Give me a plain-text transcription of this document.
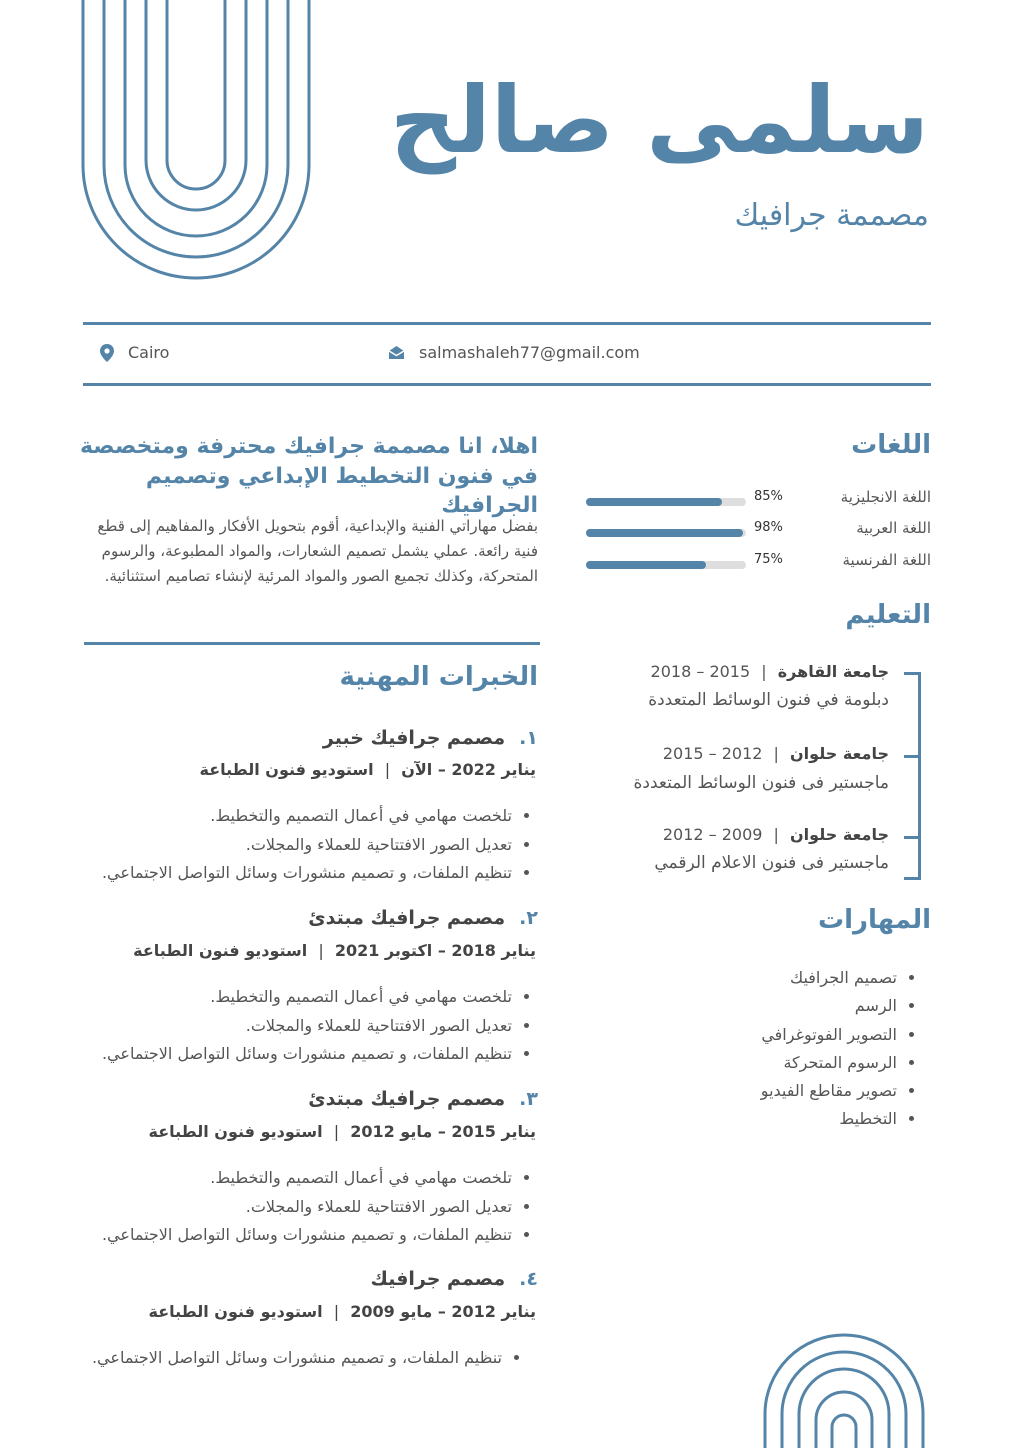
سلمى صالح
مصممة جرافيك
Cairo	salmashaleh77@gmail.com
اهلا، انا مصممة جرافيك محترفة ومتخصصة في فنون التخطيط الإبداعي وتصميم الجرافيك
بفضل مهاراتي الفنية والإبداعية، أقوم بتحويل الأفكار والمفاهيم إلى قطع فنية رائعة. عملي يشمل تصميم الشعارات، والمواد المطبوعة، والرسوم المتحركة، وكذلك تجميع الصور والمواد المرئية لإنشاء تصاميم استثنائية.
اللغات
اللغة الانجليزية
85%
اللغة العربية
98%
اللغة الفرنسية
75%
التعليم
جامعة القاهرة | 2015 – 2018
دبلومة في فنون الوسائط المتعددة
جامعة حلوان | 2012 – 2015
ماجستير فى فنون الوسائط المتعددة
جامعة حلوان | 2009 – 2012
ماجستير فى فنون الاعلام الرقمي
المهارات
• تصميم الجرافيك
• الرسم
• التصوير الفوتوغرافي
• الرسوم المتحركة
• تصوير مقاطع الفيديو
• التخطيط
الخبرات المهنية
١.مصمم جرافيك خبير
يناير 2022 – الآن | استوديو فنون الطباعة
• تلخصت مهامي في أعمال التصميم والتخطيط.
• تعديل الصور الافتتاحية للعملاء والمجلات.
• تنظيم الملفات، و تصميم منشورات وسائل التواصل الاجتماعي.
٢.مصمم جرافيك مبتدئ
يناير 2018 – اكتوبر 2021 | استوديو فنون الطباعة
• تلخصت مهامي في أعمال التصميم والتخطيط.
• تعديل الصور الافتتاحية للعملاء والمجلات.
• تنظيم الملفات، و تصميم منشورات وسائل التواصل الاجتماعي.
٣.مصمم جرافيك مبتدئ
يناير 2015 – مايو 2012 | استوديو فنون الطباعة
• تلخصت مهامي في أعمال التصميم والتخطيط.
• تعديل الصور الافتتاحية للعملاء والمجلات.
• تنظيم الملفات، و تصميم منشورات وسائل التواصل الاجتماعي.
٤.مصمم جرافيك
يناير 2012 – مايو 2009 | استوديو فنون الطباعة
• تنظيم الملفات، و تصميم منشورات وسائل التواصل الاجتماعي.
